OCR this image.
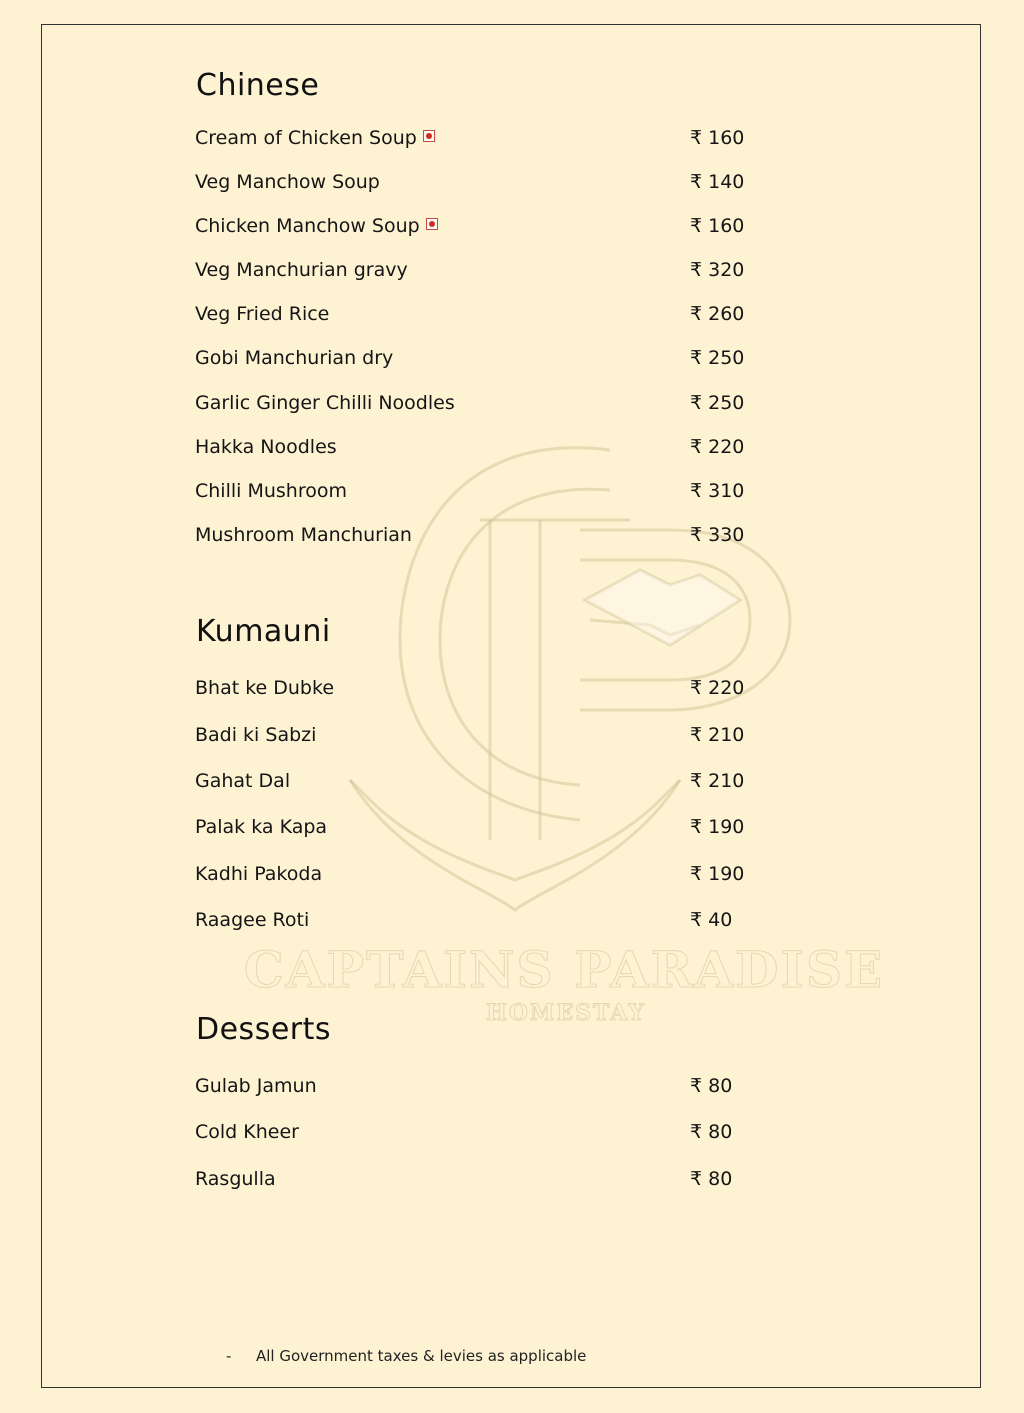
CAPTAINS PARADISE
HOMESTAY
Chinese
Cream of Chicken Soup	₹ 160
Veg Manchow Soup	₹ 140
Chicken Manchow Soup	₹ 160
Veg Manchurian gravy	₹ 320
Veg Fried Rice	₹ 260
Gobi Manchurian dry	₹ 250
Garlic Ginger Chilli Noodles	₹ 250
Hakka Noodles	₹ 220
Chilli Mushroom	₹ 310
Mushroom Manchurian	₹ 330
Kumauni
Bhat ke Dubke	₹ 220
Badi ki Sabzi	₹ 210
Gahat Dal	₹ 210
Palak ka Kapa	₹ 190
Kadhi Pakoda	₹ 190
Raagee Roti	₹ 40
Desserts
Gulab Jamun	₹ 80
Cold Kheer	₹ 80
Rasgulla	₹ 80
- All Government taxes & levies as applicable
